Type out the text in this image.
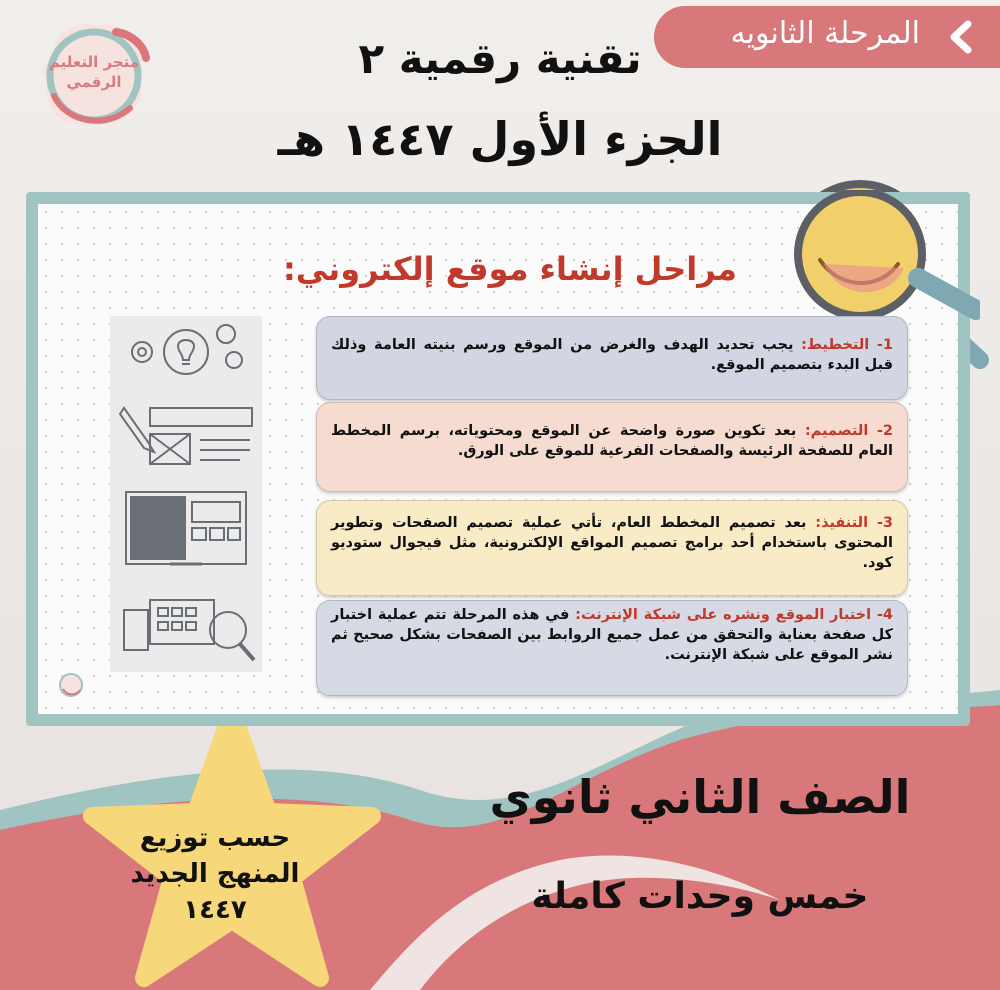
المرحلة الثانويه
متجر التعليم
الرقمي	تقنية رقمية ٢
الجزء الأول ١٤٤٧ هـ
مراحل إنشاء موقع إلكتروني:
1- التخطيط: يجب تحديد الهدف والغرض من الموقع ورسم بنيته العامة وذلك قبل البدء بتصميم الموقع.
2- التصميم: بعد تكوين صورة واضحة عن الموقع ومحتوياته، برسم المخطط العام للصفحة الرئيسة والصفحات الفرعية للموقع على الورق.
3- التنفيذ: بعد تصميم المخطط العام، تأتي عملية تصميم الصفحات وتطوير المحتوى باستخدام أحد برامج تصميم المواقع الإلكترونية، مثل فيجوال ستوديو كود.
4- اختبار الموقع ونشره على شبكة الإنترنت: في هذه المرحلة تتم عملية اختبار كل صفحة بعناية والتحقق من عمل جميع الروابط بين الصفحات بشكل صحيح ثم نشر الموقع على شبكة الإنترنت.
حسب توزيع
المنهج الجديد
١٤٤٧
الصف الثاني ثانوي
خمس وحدات كاملة
